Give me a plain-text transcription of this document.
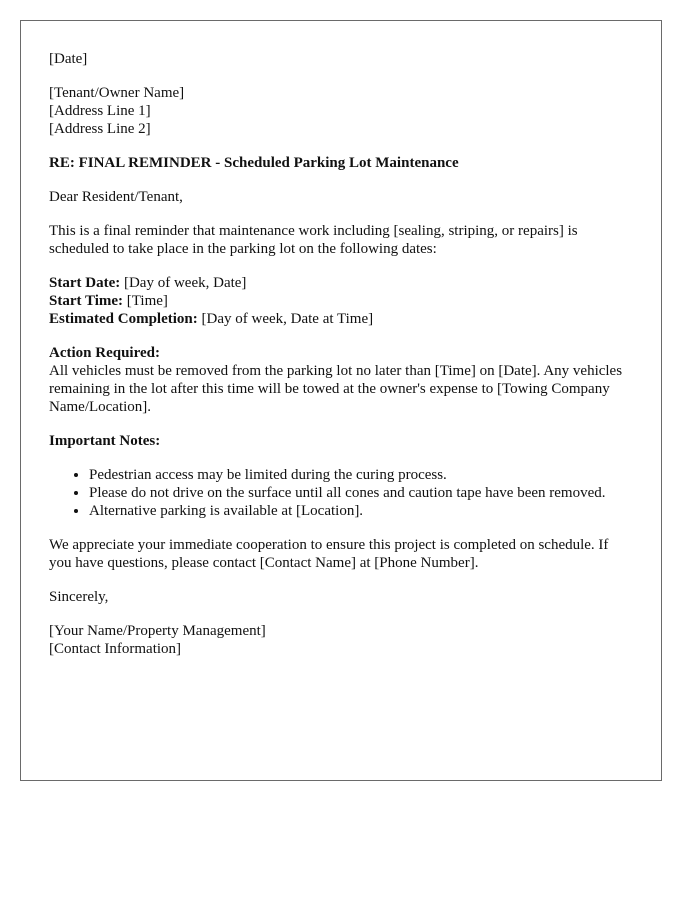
[Date]

[Tenant/Owner Name]

[Address Line 1]

[Address Line 2]

RE: FINAL REMINDER - Scheduled Parking Lot Maintenance

Dear Resident/Tenant,

This is a final reminder that maintenance work including [sealing, striping, or repairs] is scheduled to take place in the parking lot on the following dates:

Start Date: [Day of week, Date]

Start Time: [Time]

Estimated Completion: [Day of week, Date at Time]

Action Required:

All vehicles must be removed from the parking lot no later than [Time] on [Date]. Any vehicles remaining in the lot after this time will be towed at the owner's expense to [Towing Company Name/Location].

Important Notes:

• Pedestrian access may be limited during the curing process.
• Please do not drive on the surface until all cones and caution tape have been removed.
• Alternative parking is available at [Location].

We appreciate your immediate cooperation to ensure this project is completed on schedule. If you have questions, please contact [Contact Name] at [Phone Number].

Sincerely,

[Your Name/Property Management]

[Contact Information]
